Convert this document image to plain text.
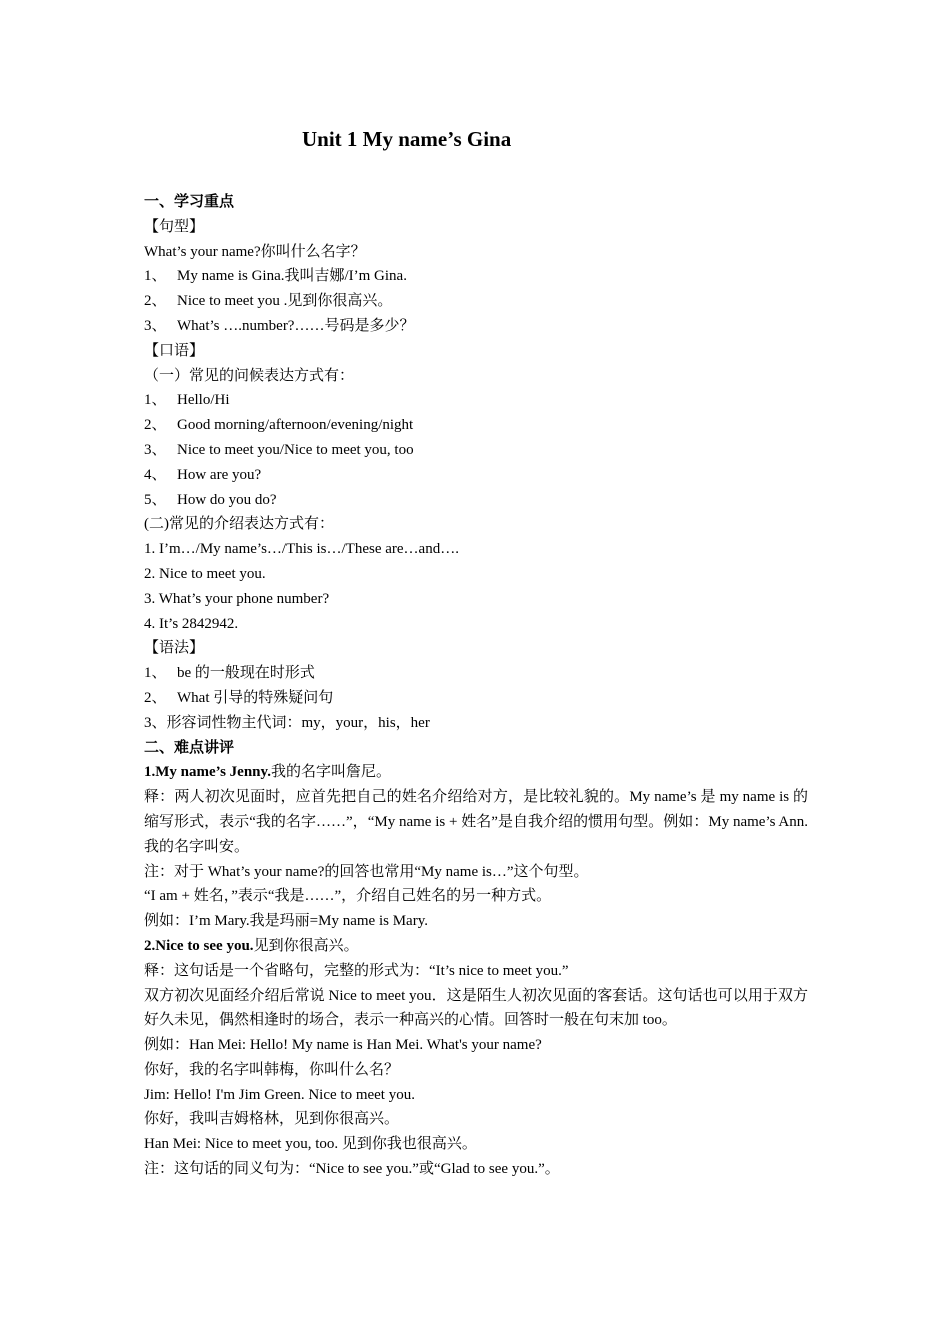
Unit 1 My name’s Gina

一、学习重点

【句型】

What’s your name?你叫什么名字？

1、 My name is Gina.我叫吉娜/I’m Gina.

2、 Nice to meet you .见到你很高兴。

3、 What’s ….number?……号码是多少？

【口语】

（一）常见的问候表达方式有：

1、 Hello/Hi

2、 Good morning/afternoon/evening/night

3、 Nice to meet you/Nice to meet you, too

4、 How are you?

5、 How do you do?

(二)常见的介绍表达方式有：

1. I’m…/My name’s…/This is…/These are…and….

2. Nice to meet you.

3. What’s your phone number?

4. It’s 2842942.

【语法】

1、 be 的一般现在时形式

2、 What 引导的特殊疑问句

3、形容词性物主代词：my，your，his，her

二、难点讲评

1.My name’s Jenny.我的名字叫詹尼。

释：两人初次见面时，应首先把自己的姓名介绍给对方，是比较礼貌的。My name’s 是 my name is 的缩写形式，表示“我的名字……”，“My name is + 姓名”是自我介绍的惯用句型。例如：My name’s Ann.我的名字叫安。

注：对于 What’s your name?的回答也常用“My name is…”这个句型。

“I am + 姓名，”表示“我是……”，介绍自己姓名的另一种方式。

例如：I’m Mary.我是玛丽=My name is Mary.

2.Nice to see you.见到你很高兴。

释：这句话是一个省略句，完整的形式为：“It’s nice to meet you.”

双方初次见面经介绍后常说 Nice to meet you．这是陌生人初次见面的客套话。这句话也可以用于双方好久未见，偶然相逢时的场合，表示一种高兴的心情。回答时一般在句末加 too。

例如：Han Mei: Hello! My name is Han Mei. What's your name?

你好，我的名字叫韩梅，你叫什么名？

Jim: Hello! I'm Jim Green. Nice to meet you.

你好，我叫吉姆格林，见到你很高兴。

Han Mei: Nice to meet you, too. 见到你我也很高兴。

注：这句话的同义句为：“Nice to see you.”或“Glad to see you.”。
